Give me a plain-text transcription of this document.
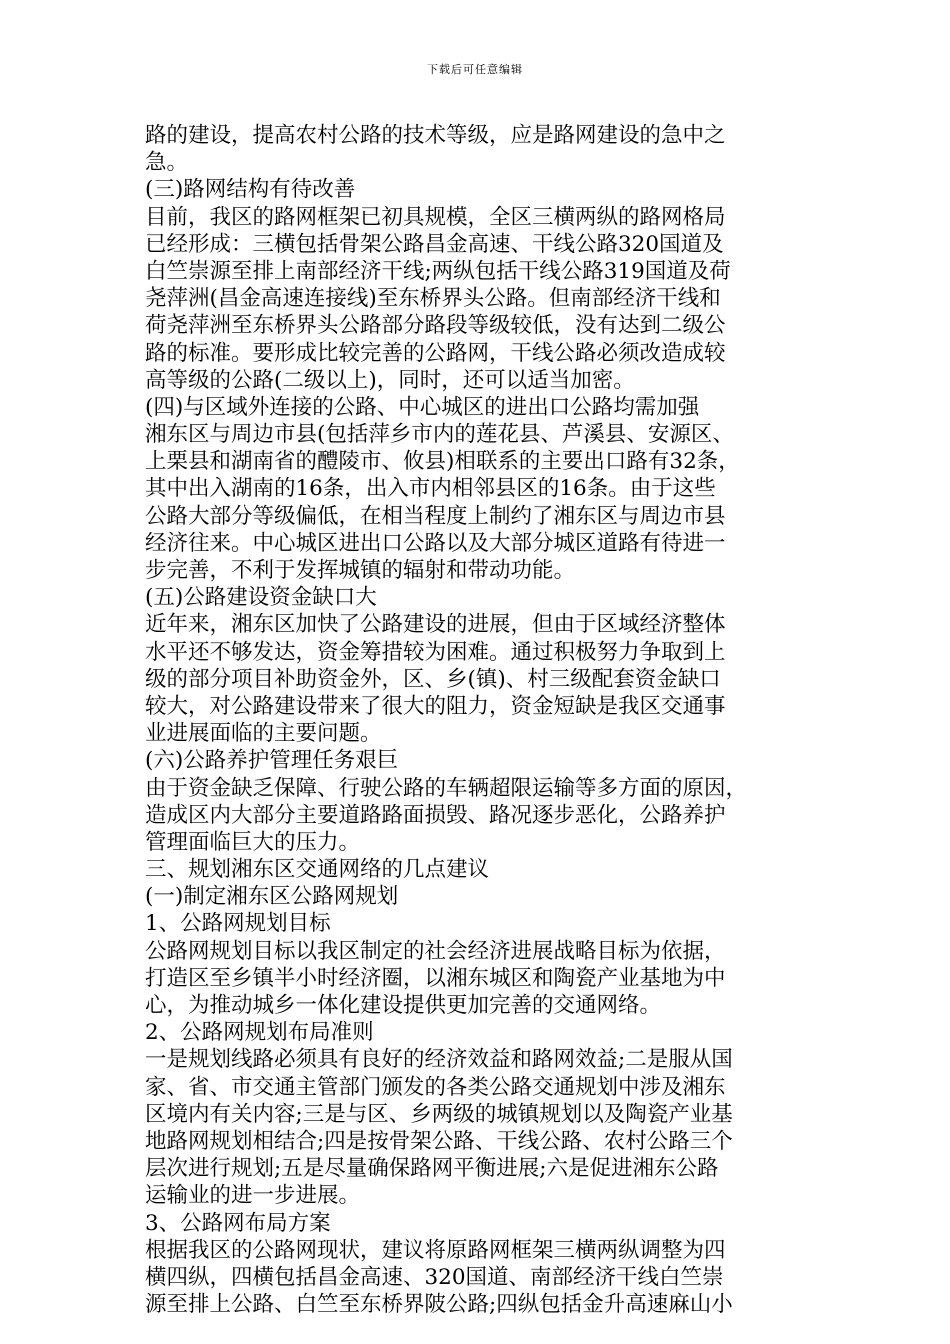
下载后可任意编辑
路的建设，提高农村公路的技术等级，应是路网建设的急中之
急。
(三)路网结构有待改善
目前，我区的路网框架已初具规模，全区三横两纵的路网格局
已经形成：三横包括骨架公路昌金高速、干线公路320国道及
白竺崇源至排上南部经济干线;两纵包括干线公路319国道及荷
尧萍洲(昌金高速连接线)至东桥界头公路。但南部经济干线和
荷尧萍洲至东桥界头公路部分路段等级较低，没有达到二级公
路的标准。要形成比较完善的公路网，干线公路必须改造成较
高等级的公路(二级以上)，同时，还可以适当加密。
(四)与区域外连接的公路、中心城区的进出口公路均需加强
湘东区与周边市县(包括萍乡市内的莲花县、芦溪县、安源区、
上栗县和湖南省的醴陵市、攸县)相联系的主要出口路有32条，
其中出入湖南的16条，出入市内相邻县区的16条。由于这些
公路大部分等级偏低，在相当程度上制约了湘东区与周边市县
经济往来。中心城区进出口公路以及大部分城区道路有待进一
步完善，不利于发挥城镇的辐射和带动功能。
(五)公路建设资金缺口大
近年来，湘东区加快了公路建设的进展，但由于区域经济整体
水平还不够发达，资金筹措较为困难。通过积极努力争取到上
级的部分项目补助资金外，区、乡(镇)、村三级配套资金缺口
较大，对公路建设带来了很大的阻力，资金短缺是我区交通事
业进展面临的主要问题。
(六)公路养护管理任务艰巨
由于资金缺乏保障、行驶公路的车辆超限运输等多方面的原因，
造成区内大部分主要道路路面损毁、路况逐步恶化，公路养护
管理面临巨大的压力。
三、规划湘东区交通网络的几点建议
(一)制定湘东区公路网规划
1、公路网规划目标
公路网规划目标以我区制定的社会经济进展战略目标为依据，
打造区至乡镇半小时经济圈，以湘东城区和陶瓷产业基地为中
心，为推动城乡一体化建设提供更加完善的交通网络。
2、公路网规划布局准则
一是规划线路必须具有良好的经济效益和路网效益;二是服从国
家、省、市交通主管部门颁发的各类公路交通规划中涉及湘东
区境内有关内容;三是与区、乡两级的城镇规划以及陶瓷产业基
地路网规划相结合;四是按骨架公路、干线公路、农村公路三个
层次进行规划;五是尽量确保路网平衡进展;六是促进湘东公路
运输业的进一步进展。
3、公路网布局方案
根据我区的公路网现状，建议将原路网框架三横两纵调整为四
横四纵，四横包括昌金高速、320国道、南部经济干线白竺崇
源至排上公路、白竺至东桥界陂公路;四纵包括金升高速麻山小
